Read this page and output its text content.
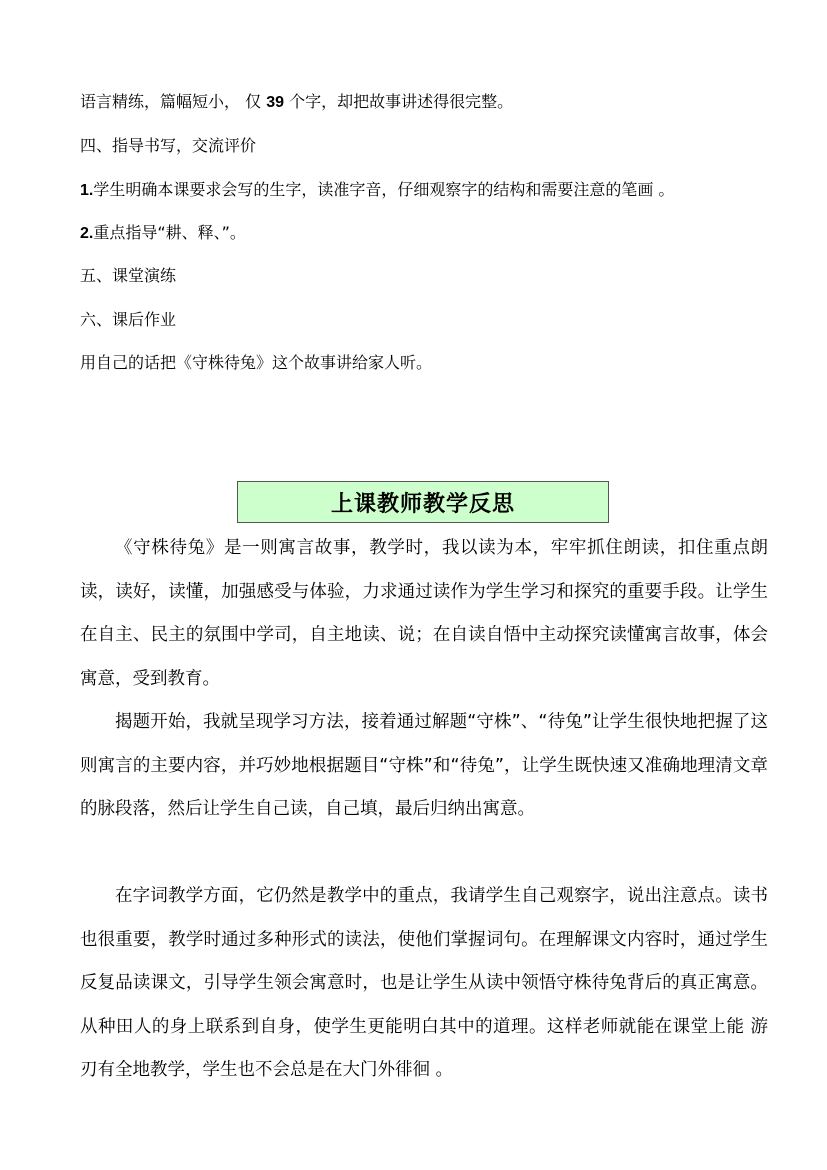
语言精练，篇幅短小， 仅 39 个字，却把故事讲述得很完整。
四、指导书写，交流评价
1.学生明确本课要求会写的生字，读准字音，仔细观察字的结构和需要注意的笔画 。
2.重点指导“耕、释、”。
五、课堂演练
六、课后作业
用自己的话把《守株待兔》这个故事讲给家人听。
上课教师教学反思

《守株待兔》是一则寓言故事，教学时，我以读为本，牢牢抓住朗读，扣住重点朗读，读好，读懂，加强感受与体验，力求通过读作为学生学习和探究的重要手段。让学生在自主、民主的氛围中学司，自主地读、说；在自读自悟中主动探究读懂寓言故事，体会寓意，受到教育。

揭题开始，我就呈现学习方法，接着通过解题“守株”、“待兔”让学生很快地把握了这则寓言的主要内容，并巧妙地根据题目“守株”和“待兔”，让学生既快速又准确地理清文章的脉段落，然后让学生自己读，自己填，最后归纳出寓意。

在字词教学方面，它仍然是教学中的重点，我请学生自己观察字，说出注意点。读书也很重要，教学时通过多种形式的读法，使他们掌握词句。在理解课文内容时，通过学生反复品读课文，引导学生领会寓意时，也是让学生从读中领悟守株待兔背后的真正寓意。从种田人的身上联系到自身，使学生更能明白其中的道理。这样老师就能在课堂上能 游刃有全地教学，学生也不会总是在大门外徘徊 。
